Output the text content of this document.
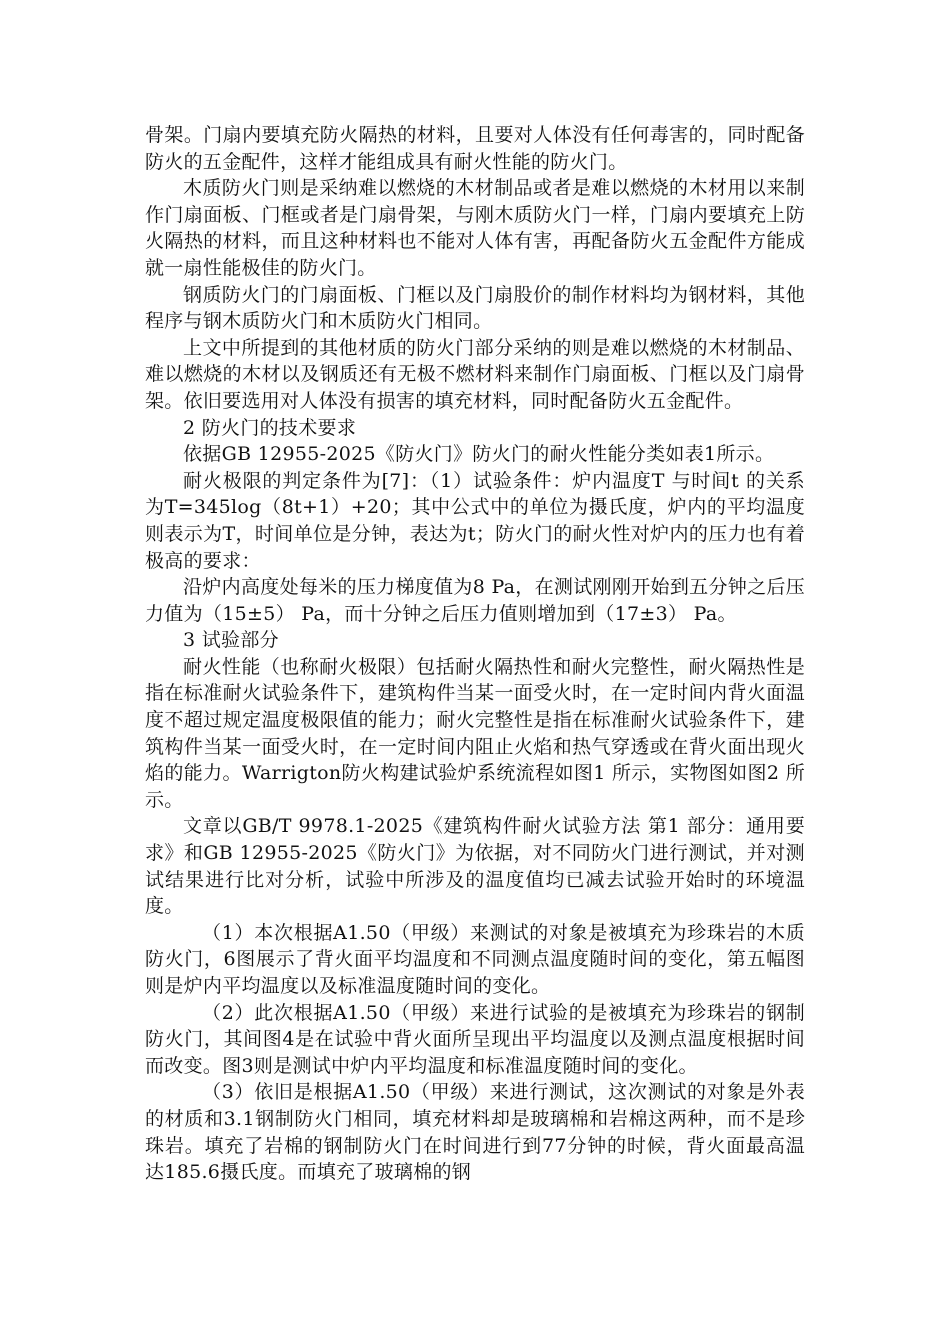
骨架。门扇内要填充防火隔热的材料，且要对人体没有任何毒害的，同时配备防火的五金配件，这样才能组成具有耐火性能的防火门。

木质防火门则是采纳难以燃烧的木材制品或者是难以燃烧的木材用以来制作门扇面板、门框或者是门扇骨架，与刚木质防火门一样，门扇内要填充上防火隔热的材料，而且这种材料也不能对人体有害，再配备防火五金配件方能成就一扇性能极佳的防火门。

钢质防火门的门扇面板、门框以及门扇股价的制作材料均为钢材料，其他程序与钢木质防火门和木质防火门相同。

上文中所提到的其他材质的防火门部分采纳的则是难以燃烧的木材制品、难以燃烧的木材以及钢质还有无极不燃材料来制作门扇面板、门框以及门扇骨架。依旧要选用对人体没有损害的填充材料，同时配备防火五金配件。

2 防火门的技术要求

依据GB 12955-2025《防火门》防火门的耐火性能分类如表1所示。

耐火极限的判定条件为[7]：（1）试验条件：炉内温度T 与时间t 的关系为T=345log（8t+1）+20；其中公式中的单位为摄氏度，炉内的平均温度则表示为T，时间单位是分钟，表达为t；防火门的耐火性对炉内的压力也有着极高的要求：

沿炉内高度处每米的压力梯度值为8 Pa，在测试刚刚开始到五分钟之后压力值为（15±5） Pa，而十分钟之后压力值则增加到（17±3） Pa。

3 试验部分

耐火性能（也称耐火极限）包括耐火隔热性和耐火完整性，耐火隔热性是指在标准耐火试验条件下，建筑构件当某一面受火时，在一定时间内背火面温度不超过规定温度极限值的能力；耐火完整性是指在标准耐火试验条件下，建筑构件当某一面受火时，在一定时间内阻止火焰和热气穿透或在背火面出现火焰的能力。Warrigton防火构建试验炉系统流程如图1 所示，实物图如图2 所示。

文章以GB/T 9978.1-2025《建筑构件耐火试验方法 第1 部分：通用要求》和GB 12955-2025《防火门》为依据，对不同防火门进行测试，并对测试结果进行比对分析，试验中所涉及的温度值均已减去试验开始时的环境温度。

（1）本次根据A1.50（甲级）来测试的对象是被填充为珍珠岩的木质防火门，6图展示了背火面平均温度和不同测点温度随时间的变化，第五幅图则是炉内平均温度以及标准温度随时间的变化。

（2）此次根据A1.50（甲级）来进行试验的是被填充为珍珠岩的钢制防火门，其间图4是在试验中背火面所呈现出平均温度以及测点温度根据时间而改变。图3则是测试中炉内平均温度和标准温度随时间的变化。

（3）依旧是根据A1.50（甲级）来进行测试，这次测试的对象是外表的材质和3.1钢制防火门相同，填充材料却是玻璃棉和岩棉这两种，而不是珍珠岩。填充了岩棉的钢制防火门在时间进行到77分钟的时候，背火面最高温达185.6摄氏度。而填充了玻璃棉的钢
